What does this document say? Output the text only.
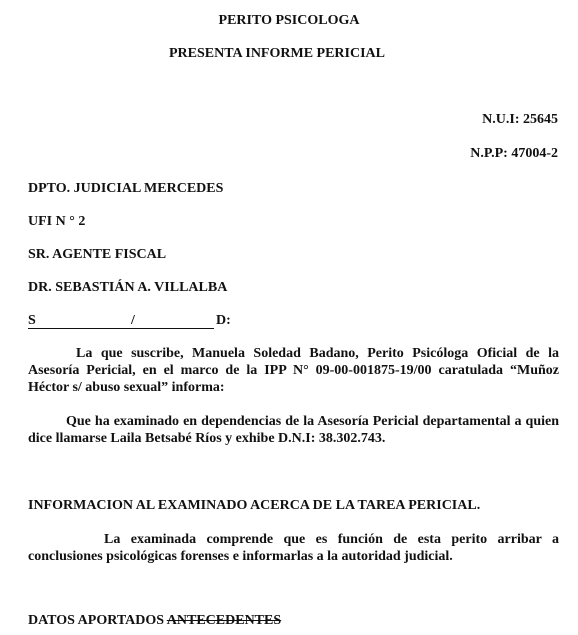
PERITO PSICOLOGA

PRESENTA INFORME PERICIAL

N.U.I: 25645

N.P.P: 47004-2

DPTO. JUDICIAL MERCEDES

UFI N ° 2

SR. AGENTE FISCAL

DR. SEBASTIÁN A. VILLALBA

S	/	D:

La que suscribe, Manuela Soledad Badano, Perito Psicóloga Oficial de la Asesoría Pericial, en el marco de la IPP N° 09-00-001875-19/00 caratulada “Muñoz Héctor s/ abuso sexual” informa:

Que ha examinado en dependencias de la Asesoría Pericial departamental a quien dice llamarse Laila Betsabé Ríos y exhibe D.N.I: 38.302.743.

INFORMACION AL EXAMINADO ACERCA DE LA TAREA PERICIAL.

La examinada comprende que es función de esta perito arribar a conclusiones psicológicas forenses e informarlas a la autoridad judicial.

DATOS APORTADOS ANTECEDENTES
